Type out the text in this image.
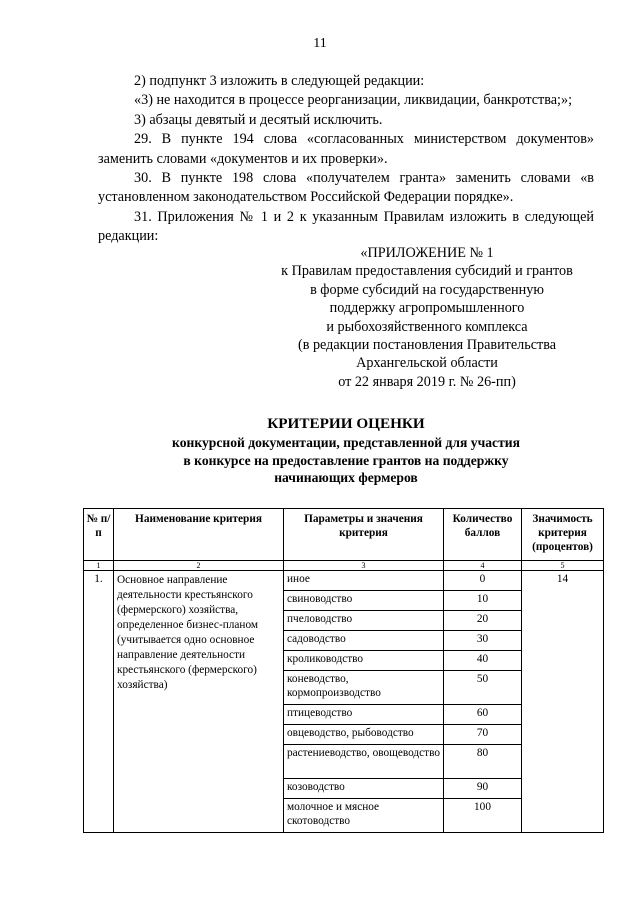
11

2) подпункт 3 изложить в следующей редакции:

«3) не находится в процессе реорганизации, ликвидации, банкротства;»;

3) абзацы девятый и десятый исключить.

29. В пункте 194 слова «согласованных министерством документов» заменить словами «документов и их проверки».

30. В пункте 198 слова «получателем гранта» заменить словами «в установленном законодательством Российской Федерации порядке».

31. Приложения № 1 и 2 к указанным Правилам изложить в следующей редакции:

«ПРИЛОЖЕНИЕ № 1
к Правилам предоставления субсидий и грантов
в форме субсидий на государственную
поддержку агропромышленного
и рыбохозяйственного комплекса
(в редакции постановления Правительства
Архангельской области
от 22 января 2019 г. № 26-пп)
КРИТЕРИИ ОЦЕНКИ
конкурсной документации, представленной для участия
в конкурсе на предоставление грантов на поддержку
начинающих фермеров
№ п/п	Наименование критерия	Параметры и значения критерия	Количество баллов	Значимость критерия (процентов)
1	2	3	4	5
1.	Основное направление деятельности крестьянского (фермерского) хозяйства, определенное бизнес-планом (учитывается одно основное направление деятельности крестьянского (фермерского) хозяйства)	иное	0	14
		свиноводство	10	
		пчеловодство	20	
		садоводство	30	
		кролиководство	40	
		коневодство, кормопроизводство	50	
		птицеводство	60	
		овцеводство, рыбоводство	70	
		растениеводство, овощеводство	80	
		козоводство	90	
		молочное и мясное скотоводство	100	
